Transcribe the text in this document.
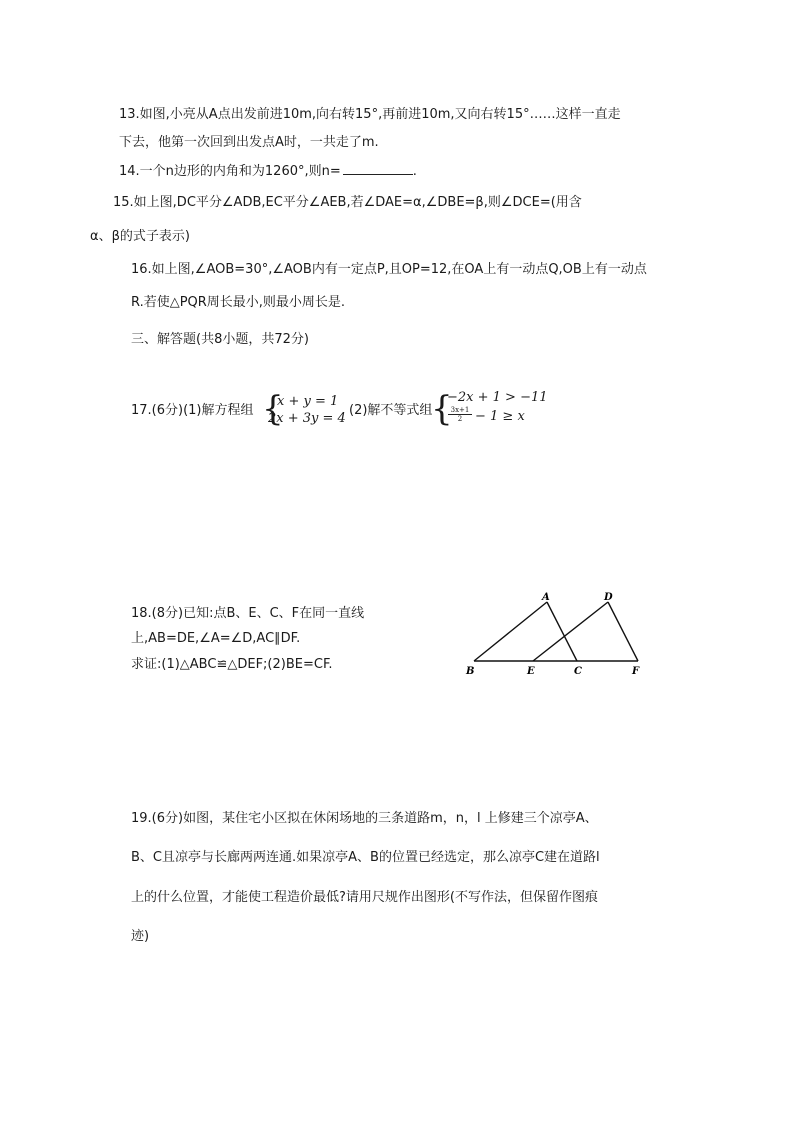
13.如图,小亮从A点出发前进10m,向右转15°,再前进10m,又向右转15°……这样一直走
下去，他第一次回到出发点A时，一共走了m.
14.一个n边形的内角和为1260°,则n=	.
15.如上图,DC平分∠ADB,EC平分∠AEB,若∠DAE=α,∠DBE=β,则∠DCE=(用含
α、β的式子表示)
16.如上图,∠AOB=30°,∠AOB内有一定点P,且OP=12,在OA上有一动点Q,OB上有一动点
R.若使△PQR周长最小,则最小周长是.
三、解答题(共8小题，共72分)
17.(6分)(1)解方程组 {
x + y = 1
2x + 3y = 4
(2)解不等式组
{
−2x + 1 > −11
$\frac{3x+1}{2} - 1 \ge x$
18.(8分)已知:点B、E、C、F在同一直线
上,AB=DE,∠A=∠D,AC∥DF.
求证:(1)△ABC≌△DEF;(2)BE=CF.
A	D
B	E	C	F
19.(6分)如图，某住宅小区拟在休闲场地的三条道路m，n，l 上修建三个凉亭A、
B、C且凉亭与长廊两两连通.如果凉亭A、B的位置已经选定，那么凉亭C建在道路l
上的什么位置，才能使工程造价最低?请用尺规作出图形(不写作法，但保留作图痕
迹)
